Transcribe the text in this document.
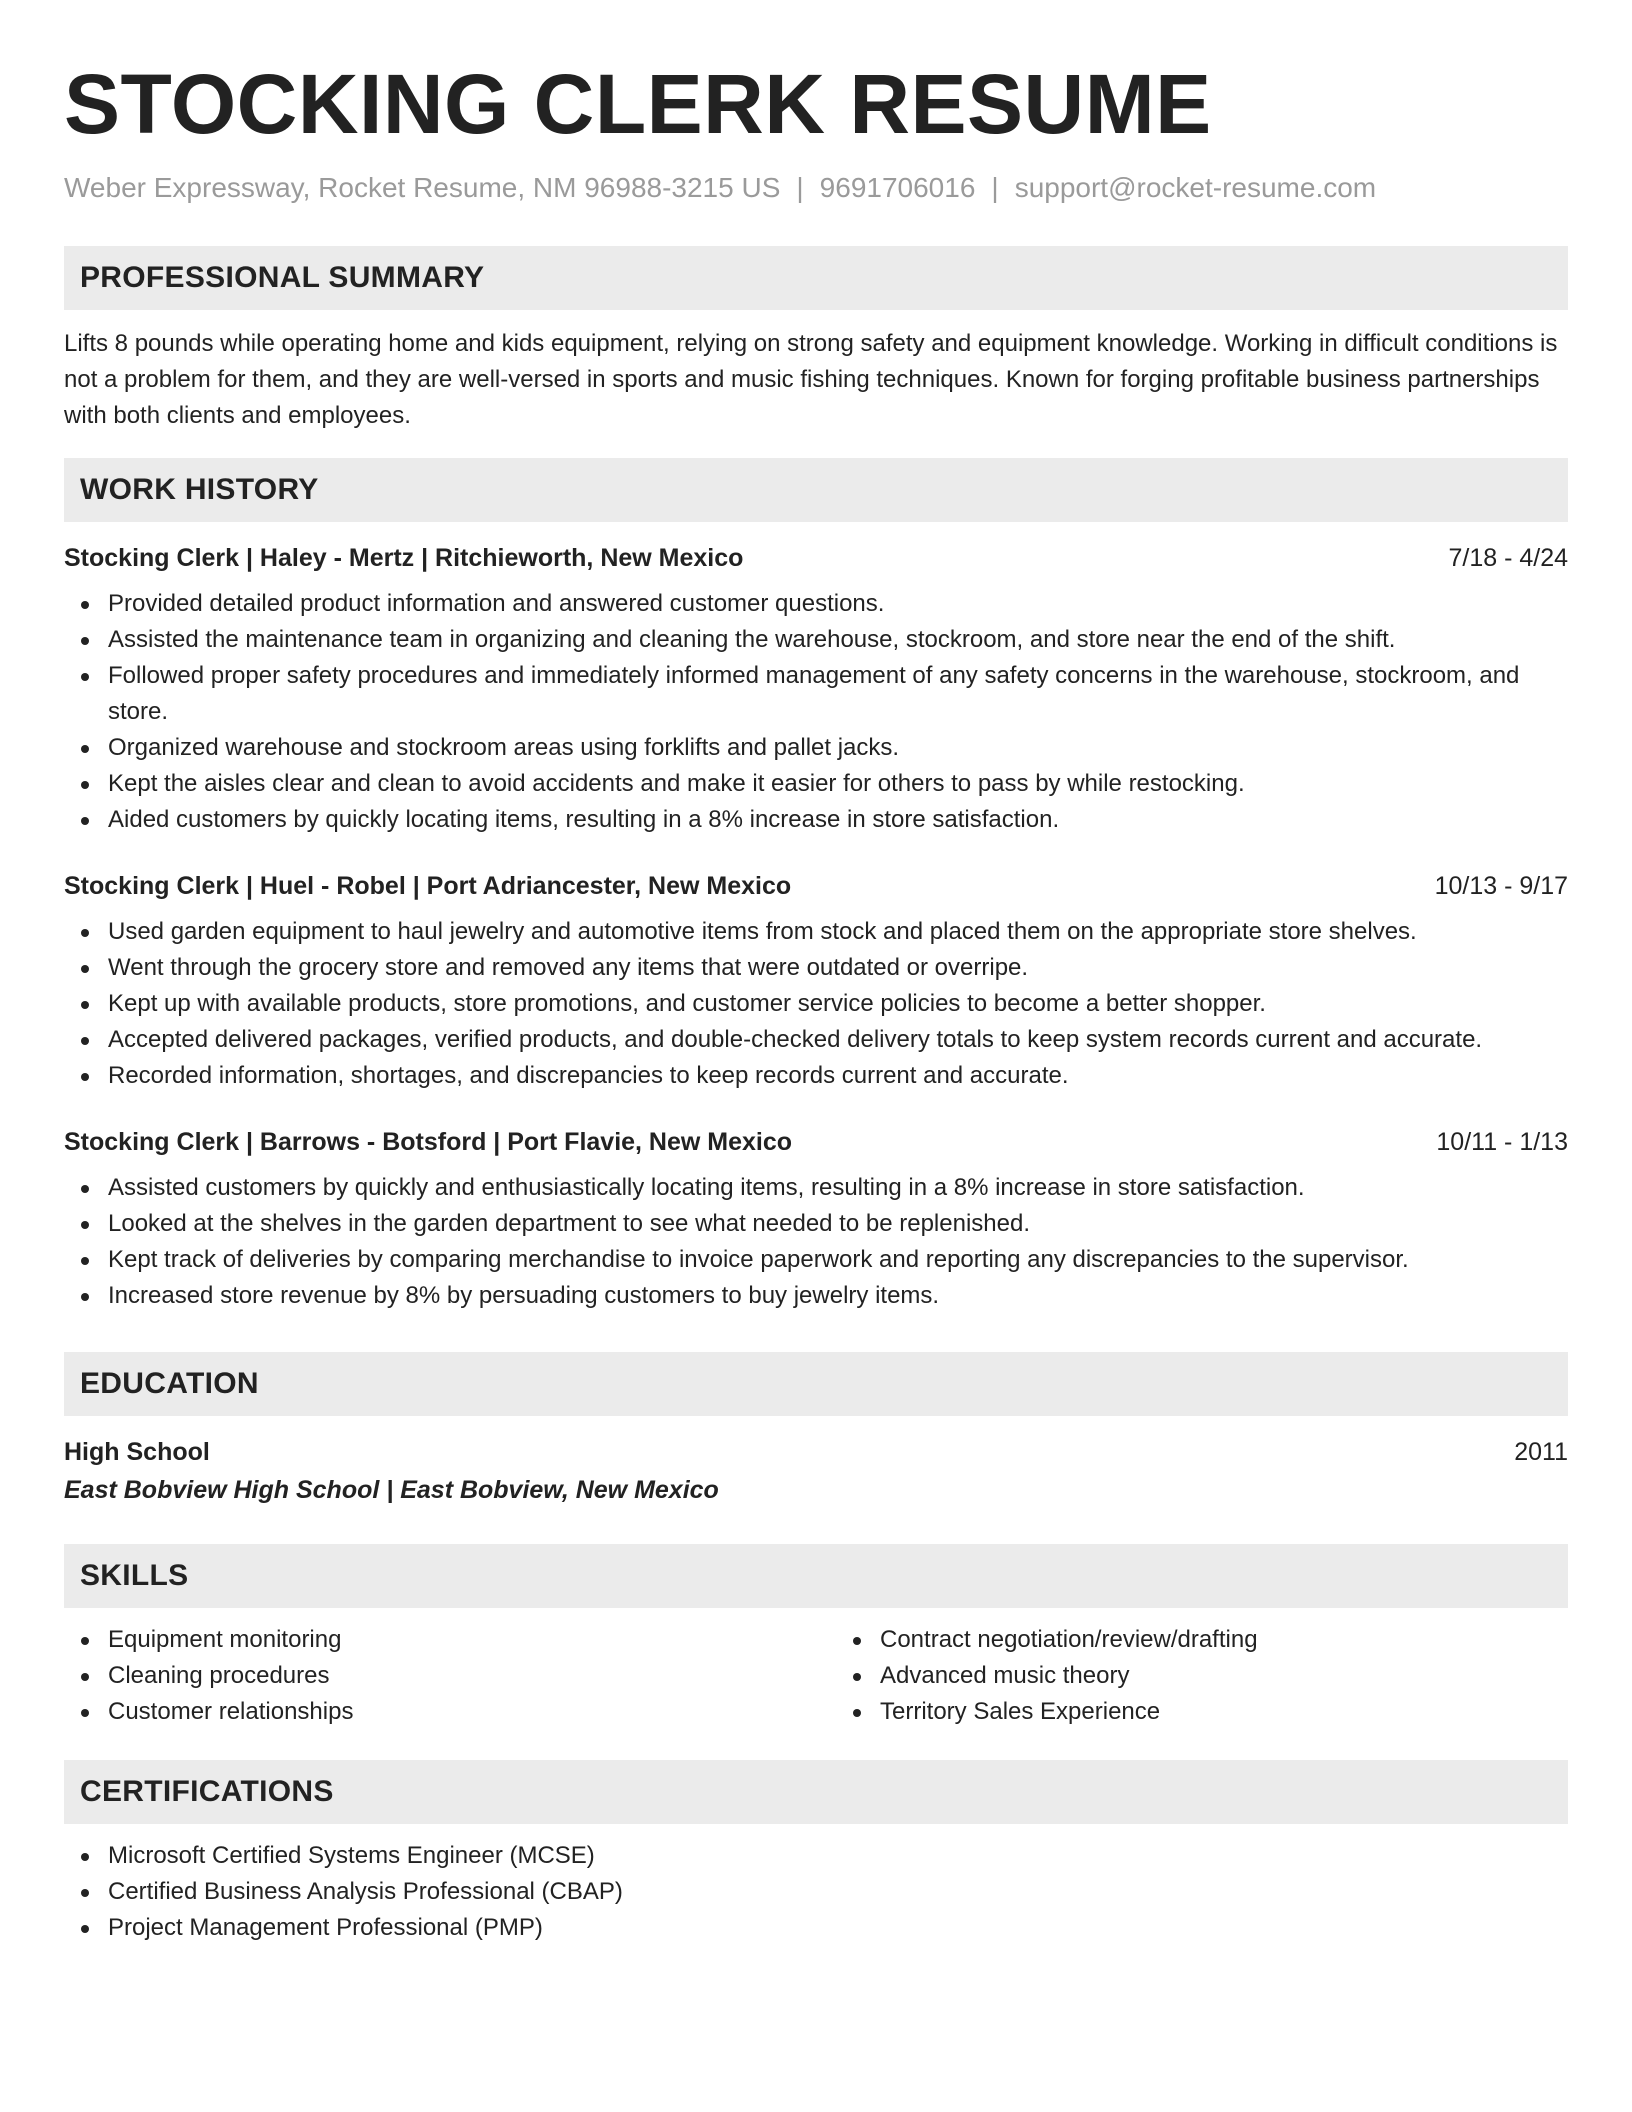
STOCKING CLERK RESUME
Weber Expressway, Rocket Resume, NM 96988-3215 US | 9691706016 | support@rocket-resume.com
PROFESSIONAL SUMMARY

Lifts 8 pounds while operating home and kids equipment, relying on strong safety and equipment knowledge. Working in difficult conditions is not a problem for them, and they are well-versed in sports and music fishing techniques. Known for forging profitable business partnerships with both clients and employees.

WORK HISTORY
Stocking Clerk | Haley - Mertz | Ritchieworth, New Mexico	7/18 - 4/24
Provided detailed product information and answered customer questions.
Assisted the maintenance team in organizing and cleaning the warehouse, stockroom, and store near the end of the shift.
Followed proper safety procedures and immediately informed management of any safety concerns in the warehouse, stockroom, and store.
Organized warehouse and stockroom areas using forklifts and pallet jacks.
Kept the aisles clear and clean to avoid accidents and make it easier for others to pass by while restocking.
Aided customers by quickly locating items, resulting in a 8% increase in store satisfaction.
Stocking Clerk | Huel - Robel | Port Adriancester, New Mexico	10/13 - 9/17
Used garden equipment to haul jewelry and automotive items from stock and placed them on the appropriate store shelves.
Went through the grocery store and removed any items that were outdated or overripe.
Kept up with available products, store promotions, and customer service policies to become a better shopper.
Accepted delivered packages, verified products, and double-checked delivery totals to keep system records current and accurate.
Recorded information, shortages, and discrepancies to keep records current and accurate.
Stocking Clerk | Barrows - Botsford | Port Flavie, New Mexico	10/11 - 1/13
Assisted customers by quickly and enthusiastically locating items, resulting in a 8% increase in store satisfaction.
Looked at the shelves in the garden department to see what needed to be replenished.
Kept track of deliveries by comparing merchandise to invoice paperwork and reporting any discrepancies to the supervisor.
Increased store revenue by 8% by persuading customers to buy jewelry items.
EDUCATION
High School	2011
East Bobview High School | East Bobview, New Mexico
SKILLS
Equipment monitoring
Cleaning procedures
Customer relationships
Contract negotiation/review/drafting
Advanced music theory
Territory Sales Experience
CERTIFICATIONS
Microsoft Certified Systems Engineer (MCSE)
Certified Business Analysis Professional (CBAP)
Project Management Professional (PMP)
